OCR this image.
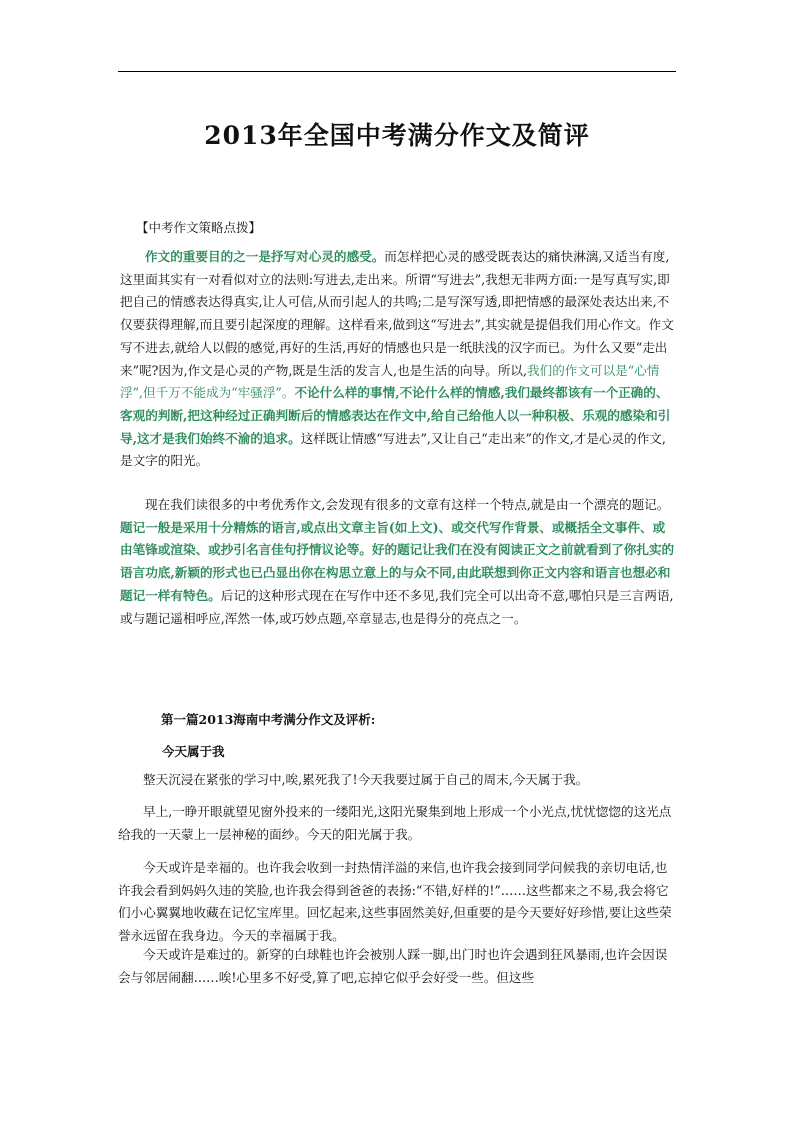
2013年全国中考满分作文及简评
【中考作文策略点拨】
作文的重要目的之一是抒写对心灵的感受。而怎样把心灵的感受既表达的痛快淋漓,又适当有度,这里面其实有一对看似对立的法则:写进去,走出来。所谓“写进去”,我想无非两方面:一是写真写实,即把自己的情感表达得真实,让人可信,从而引起人的共鸣;二是写深写透,即把情感的最深处表达出来,不仅要获得理解,而且要引起深度的理解。这样看来,做到这“写进去”,其实就是提倡我们用心作文。作文写不进去,就给人以假的感觉,再好的生活,再好的情感也只是一纸肤浅的汉字而已。为什么又要“走出来”呢?因为,作文是心灵的产物,既是生活的发言人,也是生活的向导。所以,我们的作文可以是“心情浮”,但千万不能成为“牢骚浮”。不论什么样的事情,不论什么样的情感,我们最终都该有一个正确的、客观的判断,把这种经过正确判断后的情感表达在作文中,给自己给他人以一种积极、乐观的感染和引导,这才是我们始终不渝的追求。这样既让情感“写进去”,又让自己“走出来”的作文,才是心灵的作文,是文字的阳光。
现在我们读很多的中考优秀作文,会发现有很多的文章有这样一个特点,就是由一个漂亮的题记。题记一般是采用十分精炼的语言,或点出文章主旨(如上文)、或交代写作背景、或概括全文事件、或由笔锋或渲染、或抄引名言佳句抒情议论等。好的题记让我们在没有阅读正文之前就看到了你扎实的语言功底,新颖的形式也已凸显出你在构思立意上的与众不同,由此联想到你正文内容和语言也想必和题记一样有特色。后记的这种形式现在在写作中还不多见,我们完全可以出奇不意,哪怕只是三言两语,或与题记遥相呼应,浑然一体,或巧妙点题,卒章显志,也是得分的亮点之一。
第一篇2013海南中考满分作文及评析:
今天属于我
整天沉浸在紧张的学习中,唉,累死我了!今天我要过属于自己的周末,今天属于我。
早上,一睁开眼就望见窗外投来的一缕阳光,这阳光聚集到地上形成一个小光点,忧忧惚惚的这光点给我的一天蒙上一层神秘的面纱。今天的阳光属于我。
今天或许是幸福的。也许我会收到一封热情洋溢的来信,也许我会接到同学问候我的亲切电话,也许我会看到妈妈久违的笑脸,也许我会得到爸爸的表扬:“不错,好样的!”……这些都来之不易,我会将它们小心翼翼地收藏在记忆宝库里。回忆起来,这些事固然美好,但重要的是今天要好好珍惜,要让这些荣誉永远留在我身边。今天的幸福属于我。
今天或许是难过的。新穿的白球鞋也许会被别人踩一脚,出门时也许会遇到狂风暴雨,也许会因误会与邻居闹翻……唉!心里多不好受,算了吧,忘掉它似乎会好受一些。但这些
